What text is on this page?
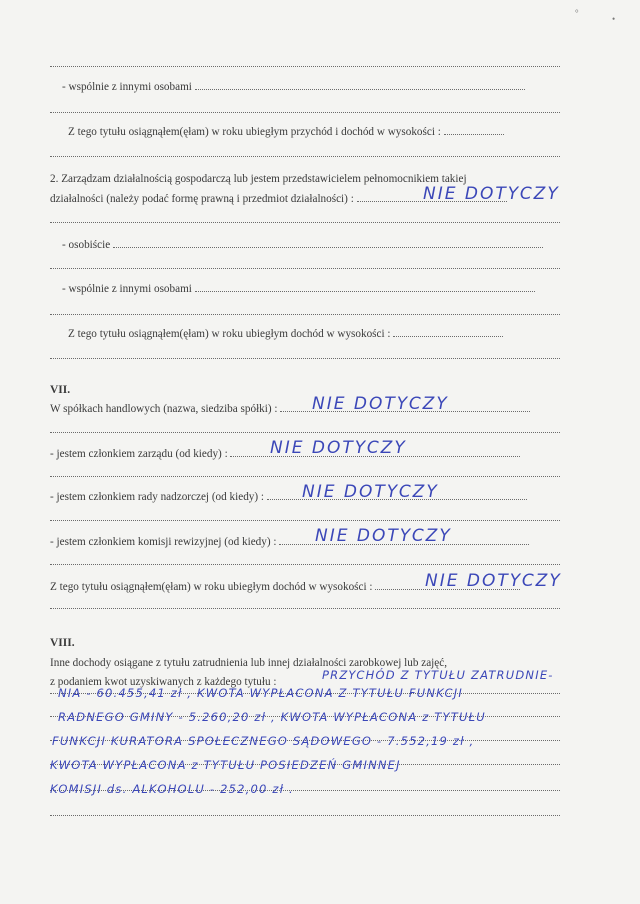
°
•
- wspólnie z innymi osobami
Z tego tytułu osiągnąłem(ęłam) w roku ubiegłym przychód i dochód w wysokości :
2. Zarządzam działalnością gospodarczą lub jestem przedstawicielem pełnomocnikiem takiej
działalności (należy podać formę prawną i przedmiot działalności) :	NIE DOTYCZY
- osobiście
- wspólnie z innymi osobami
Z tego tytułu osiągnąłem(ęłam) w roku ubiegłym dochód w wysokości :
VII.
W spółkach handlowych (nazwa, siedziba spółki) :	NIE DOTYCZY
- jestem członkiem zarządu (od kiedy) :	NIE DOTYCZY
- jestem członkiem rady nadzorczej (od kiedy) :	NIE DOTYCZY
- jestem członkiem komisji rewizyjnej (od kiedy) :	NIE DOTYCZY
Z tego tytułu osiągnąłem(ęłam) w roku ubiegłym dochód w wysokości :	NIE DOTYCZY
VIII.
Inne dochody osiągane z tytułu zatrudnienia lub innej działalności zarobkowej lub zajęć,
z podaniem kwot uzyskiwanych z każdego tytułu :	PRZYCHÓD Z TYTUŁU ZATRUDNIE-
NIA - 60.455,41 zł , KWOTA WYPŁACONA Z TYTUŁU FUNKCJI
RADNEGO GMINY - 5.260,20 zł , KWOTA WYPŁACONA z TYTUŁU
FUNKCJI KURATORA SPOŁECZNEGO SĄDOWEGO - 7.552,19 zł ,
KWOTA WYPŁACONA z TYTUŁU POSIEDZEŃ GMINNEJ
KOMISJI ds. ALKOHOLU - 252,00 zł .
